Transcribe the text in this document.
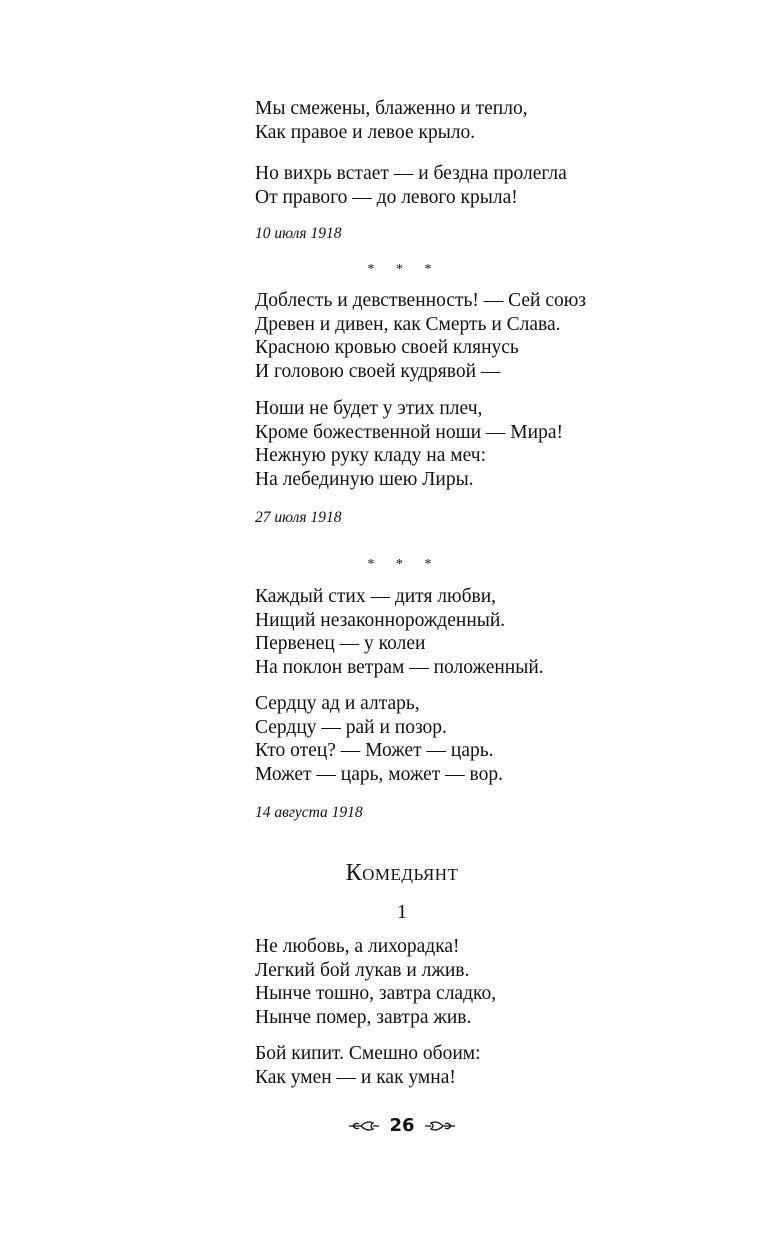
Мы смежены, блаженно и тепло,
Как правое и левое крыло.
Но вихрь встает — и бездна пролегла
От правого — до левого крыла!
10 июля 1918
* * *
Доблесть и девственность! — Сей союз
Древен и дивен, как Смерть и Слава.
Красною кровью своей клянусь
И головою своей кудрявой —
Ноши не будет у этих плеч,
Кроме божественной ноши — Мира!
Нежную руку кладу на меч:
На лебединую шею Лиры.
27 июля 1918
* * *
Каждый стих — дитя любви,
Нищий незаконнорожденный.
Первенец — у колеи
На поклон ветрам — положенный.
Сердцу ад и алтарь,
Сердцу — рай и позор.
Кто отец? — Может — царь.
Может — царь, может — вор.
14 августа 1918
Комедьянт
1
Не любовь, а лихорадка!
Легкий бой лукав и лжив.
Нынче тошно, завтра сладко,
Нынче помер, завтра жив.
Бой кипит. Смешно обоим:
Как умен — и как умна!
26
